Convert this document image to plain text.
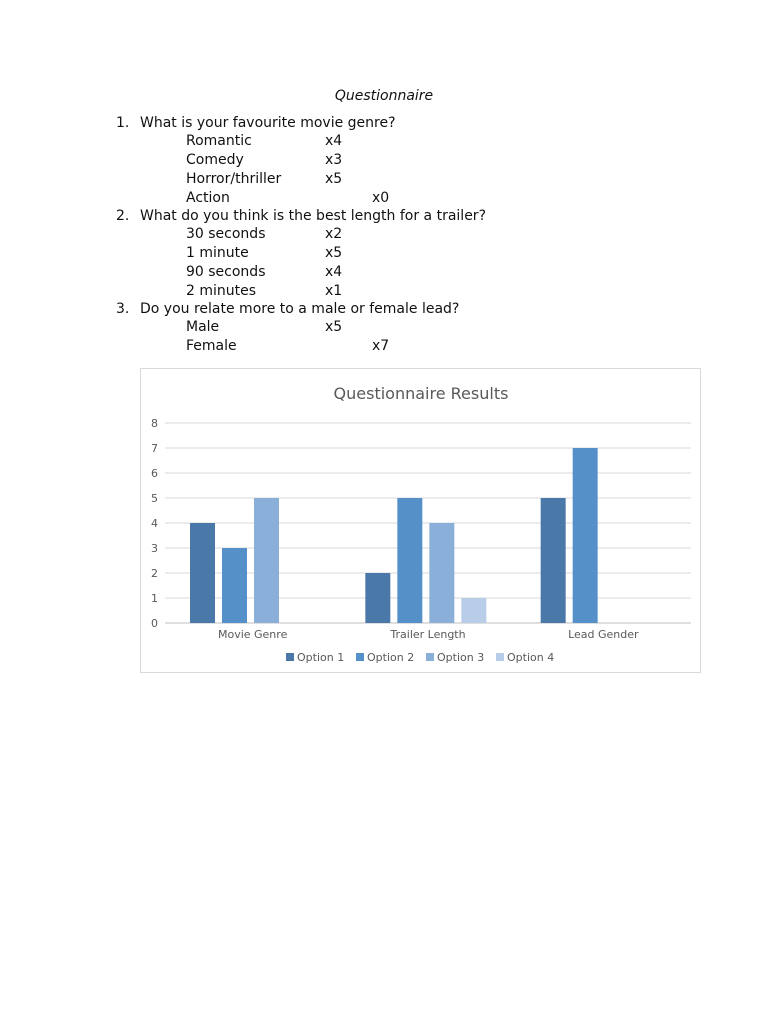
Questionnaire
1. What is your favourite movie genre?
Romantic	x4
Comedy	x3
Horror/thriller	x5
Action	x0
2. What do you think is the best length for a trailer?
30 seconds	x2
1 minute	x5
90 seconds	x4
2 minutes	x1
3. Do you relate more to a male or female lead?
Male	x5
Female	x7
Questionnaire Results
0
1
2
3
4
5
6
7
8
Movie Genre	Trailer Length	Lead Gender
Option 1 Option 2 Option 3 Option 4
